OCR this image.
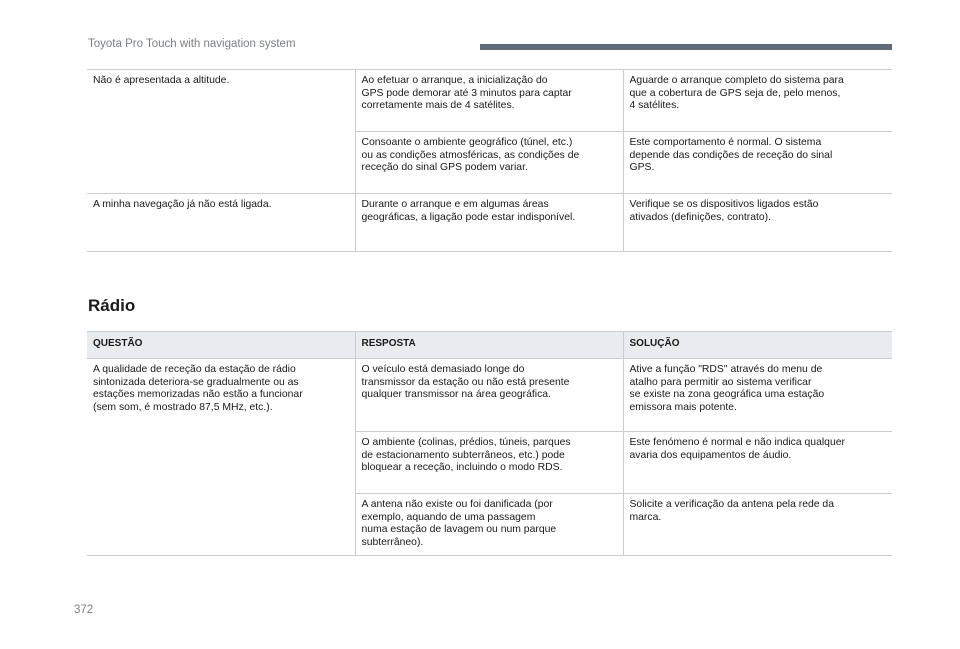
Toyota Pro Touch with navigation system
Não é apresentada a altitude.	Ao efetuar o arranque, a inicialização do
GPS pode demorar até 3 minutos para captar
corretamente mais de 4 satélites.	Aguarde o arranque completo do sistema para
que a cobertura de GPS seja de, pelo menos,
4 satélites.
	Consoante o ambiente geográfico (túnel, etc.)
ou as condições atmosféricas, as condições de
receção do sinal GPS podem variar.	Este comportamento é normal. O sistema
depende das condições de receção do sinal
GPS.
A minha navegação já não está ligada.	Durante o arranque e em algumas áreas
geográficas, a ligação pode estar indisponível.	Verifique se os dispositivos ligados estão
ativados (definições, contrato).
Rádio
QUESTÃO	RESPOSTA	SOLUÇÃO
A qualidade de receção da estação de rádio
sintonizada deteriora-se gradualmente ou as
estações memorizadas não estão a funcionar
(sem som, é mostrado 87,5 MHz, etc.).	O veículo está demasiado longe do
transmissor da estação ou não está presente
qualquer transmissor na área geográfica.	Ative a função "RDS" através do menu de
atalho para permitir ao sistema verificar
se existe na zona geográfica uma estação
emissora mais potente.
	O ambiente (colinas, prédios, túneis, parques
de estacionamento subterrâneos, etc.) pode
bloquear a receção, incluindo o modo RDS.	Este fenómeno é normal e não indica qualquer
avaria dos equipamentos de áudio.
	A antena não existe ou foi danificada (por
exemplo, aquando de uma passagem
numa estação de lavagem ou num parque
subterrâneo).	Solicite a verificação da antena pela rede da
marca.
372
